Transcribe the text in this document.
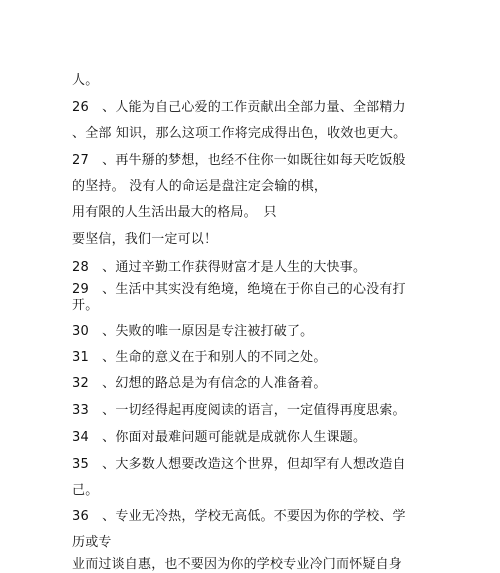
人。
26　、人能为自己心爱的工作贡献出全部力量、全部精力
、全部 知识，那么这项工作将完成得出色，收效也更大。
27　、再牛掰的梦想，也经不住你一如既往如每天吃饭般
的坚持。 没有人的命运是盘注定会输的棋，
用有限的人生活出最大的格局。　只
要坚信，我们一定可以！
28　、通过辛勤工作获得财富才是人生的大快事。
29　、生活中其实没有绝境，绝境在于你自己的心没有打
开。
30　、失败的唯一原因是专注被打破了。
31　、生命的意义在于和别人的不同之处。
32　、幻想的路总是为有信念的人准备着。
33　、一切经得起再度阅读的语言，一定值得再度思索。
34　、你面对最难问题可能就是成就你人生课题。
35　、大多数人想要改造这个世界，但却罕有人想改造自
己。
36　、专业无冷热，学校无高低。不要因为你的学校、学
历或专
业而过谈自惠，也不要因为你的学校专业冷门而怀疑自身
